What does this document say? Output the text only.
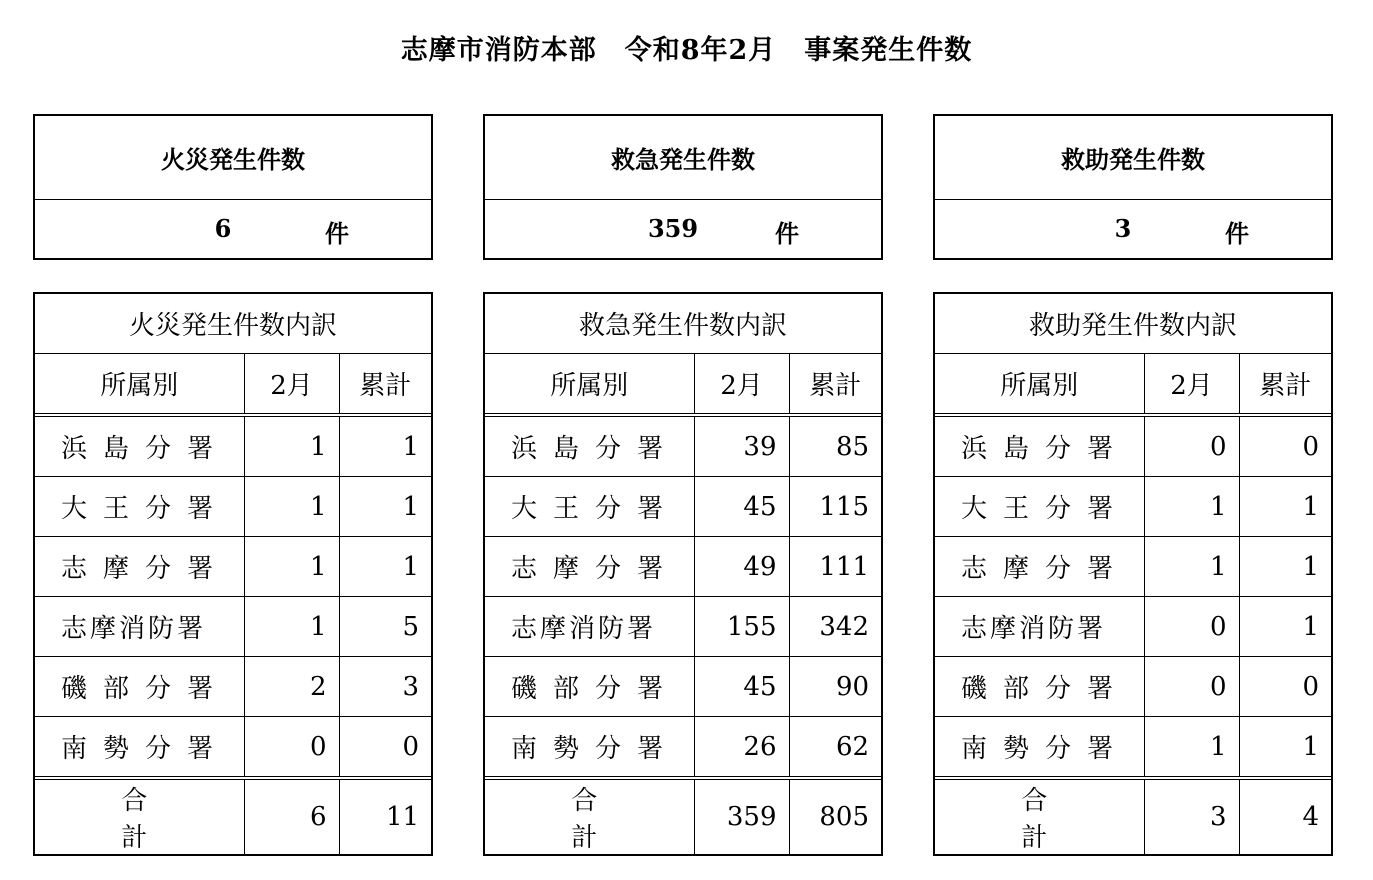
志摩市消防本部　令和8年2月　事案発生件数
火災発生件数
6	件
救急発生件数
359	件
救助発生件数
3	件
火災発生件数内訳		
所属別	2月	累計
浜島分署	1	1
大王分署	1	1
志摩分署	1	1
志摩消防署	1	5
磯部分署	2	3
南勢分署	0	0
合　計	6	11
救急発生件数内訳		
所属別	2月	累計
浜島分署	39	85
大王分署	45	115
志摩分署	49	111
志摩消防署	155	342
磯部分署	45	90
南勢分署	26	62
合　計	359	805
救助発生件数内訳		
所属別	2月	累計
浜島分署	0	0
大王分署	1	1
志摩分署	1	1
志摩消防署	0	1
磯部分署	0	0
南勢分署	1	1
合　計	3	4
